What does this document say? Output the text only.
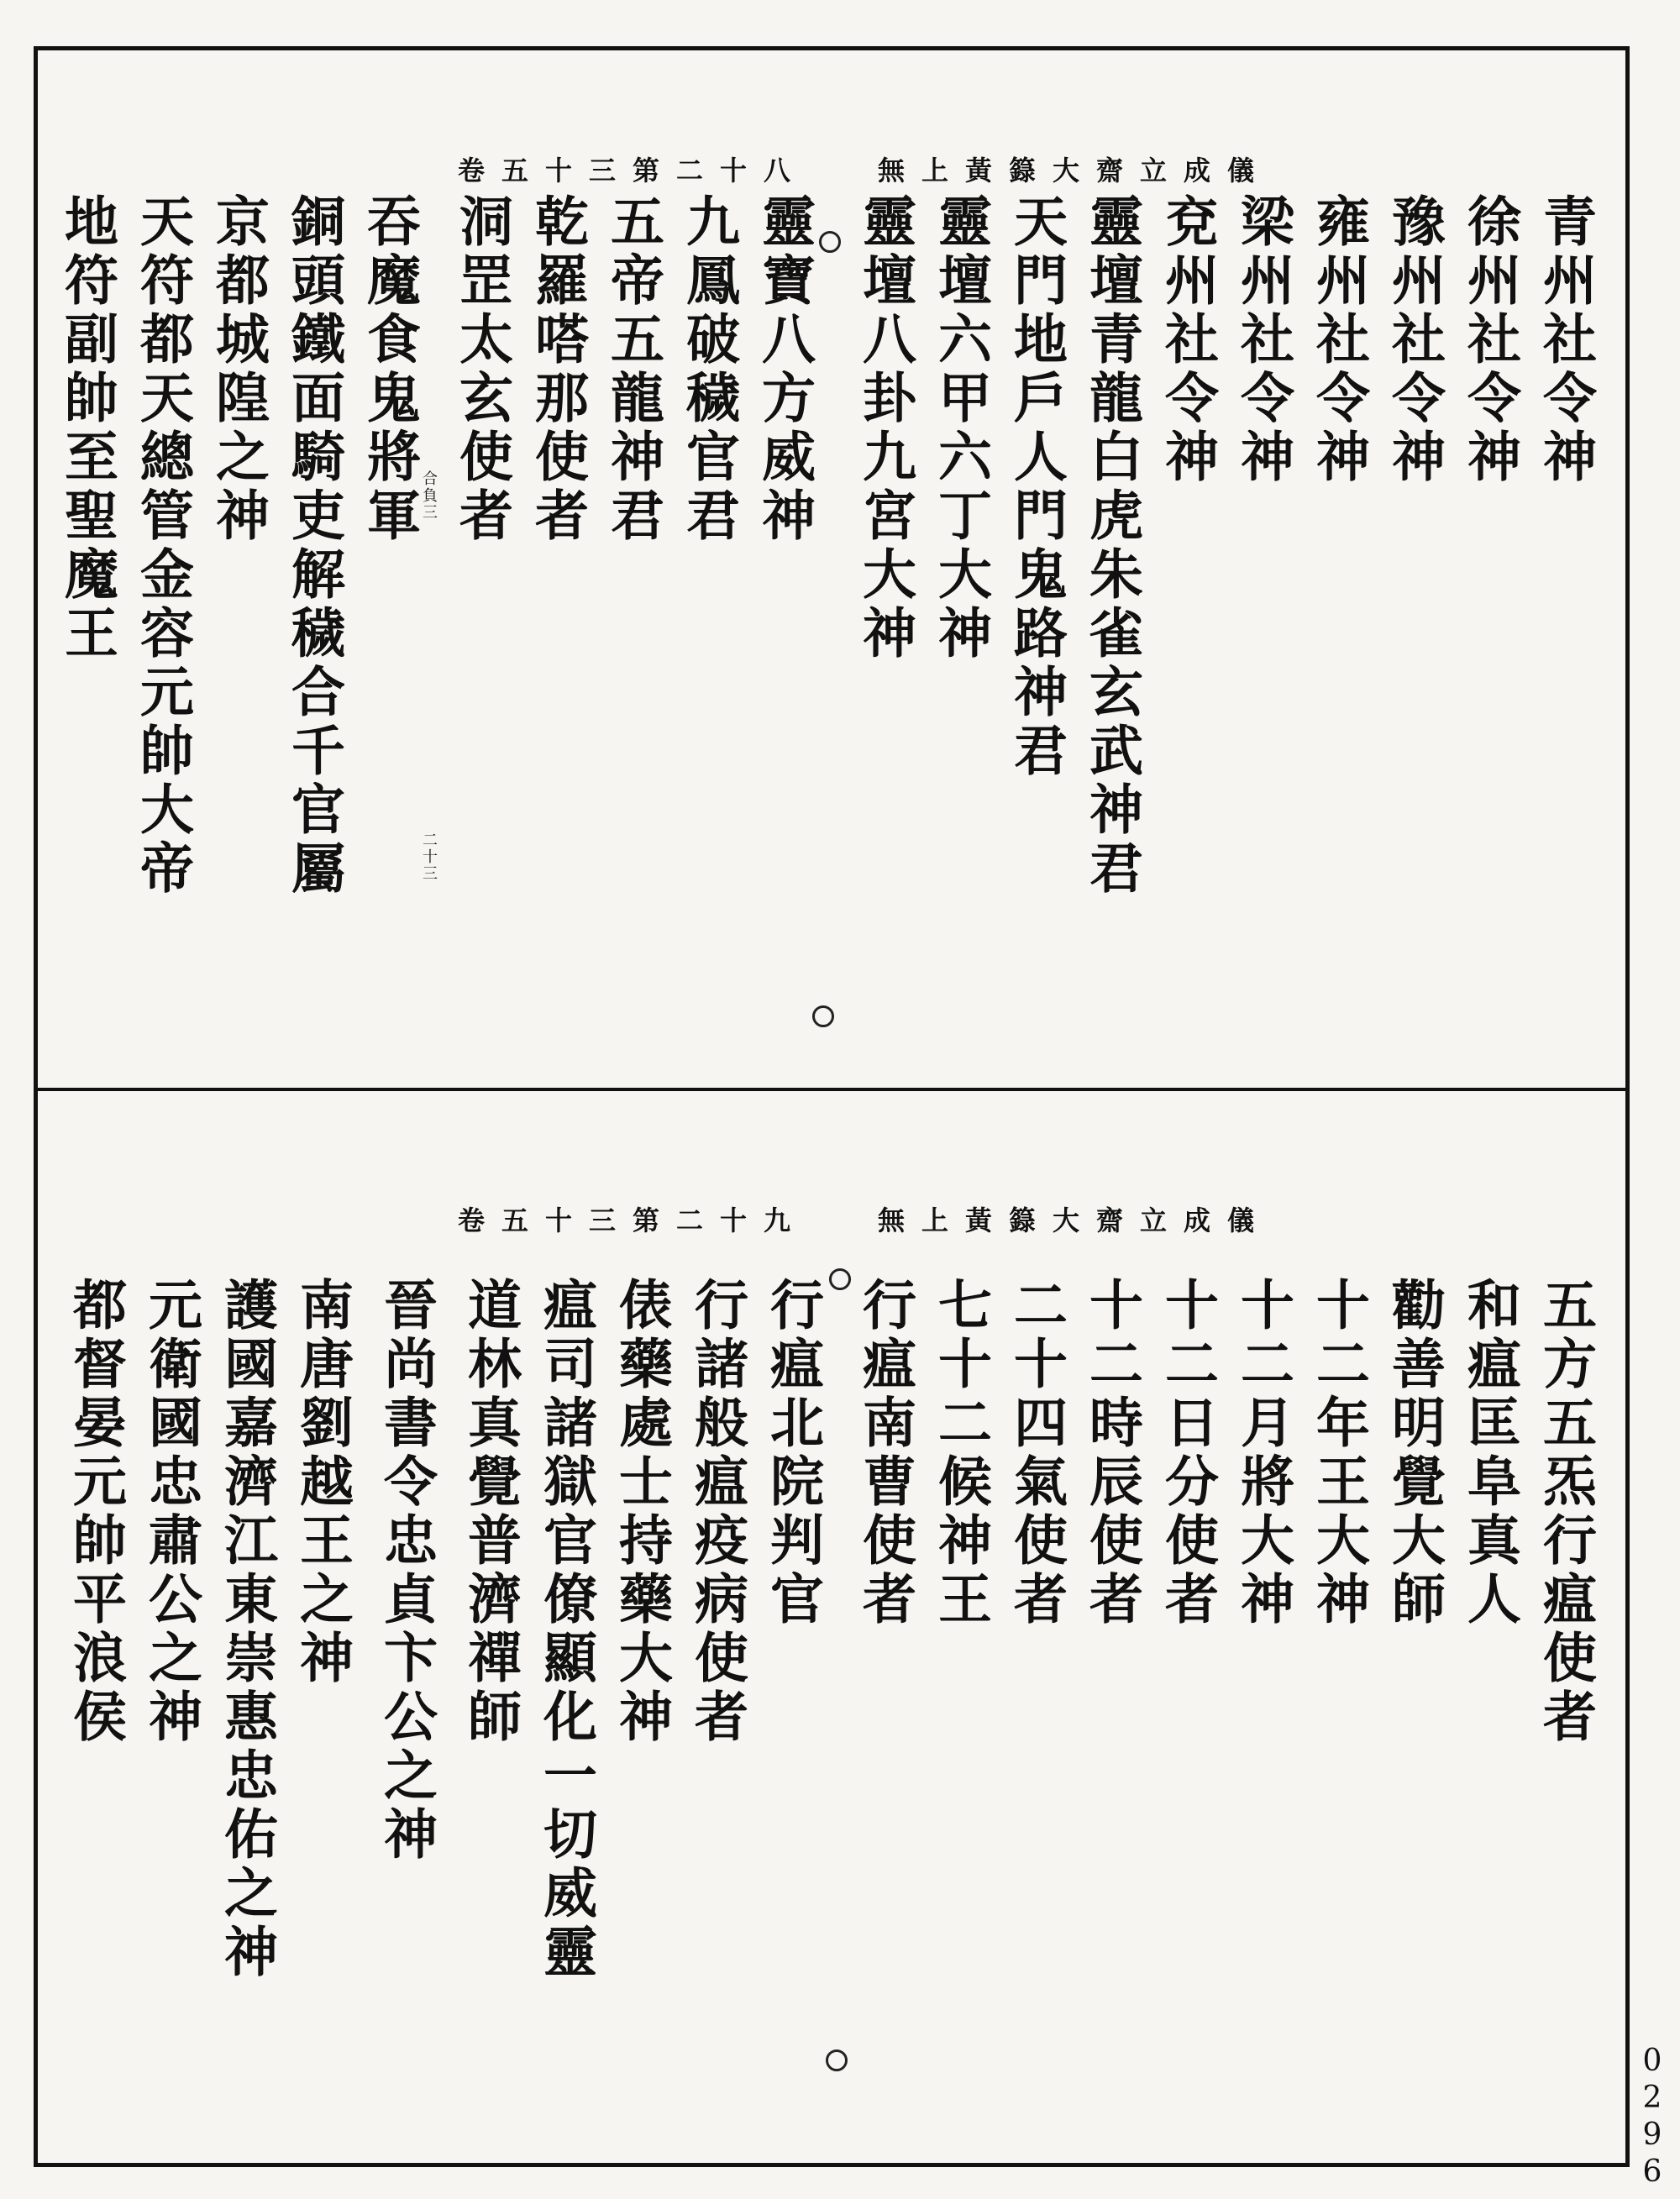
無上黃籙大齋立成儀
卷五十三第二十八
青州社令神
徐州社令神
豫州社令神
雍州社令神
梁州社令神
兗州社令神
靈壇青龍白虎朱雀玄武神君
天門地戶人門鬼路神君
靈壇六甲六丁大神
靈壇八卦九宮大神
靈寶八方威神
九鳳破穢官君
五帝五龍神君
乾羅嗒那使者
洞罡太玄使者
合負三
二十三
吞魔食鬼將軍
銅頭鐵面騎吏解穢合千官屬
京都城隍之神
天符都天總管金容元帥大帝
地符副帥至聖魔王
無上黃籙大齋立成儀
卷五十三第二十九
五方五炁行瘟使者
和瘟匡阜真人
勸善明覺大師
十二年王大神
十二月將大神
十二日分使者
十二時辰使者
二十四氣使者
七十二候神王
行瘟南曹使者
行瘟北院判官
行諸般瘟疫病使者
俵藥處士持藥大神
瘟司諸獄官僚顯化一切威靈
道林真覺普濟禪師
晉尚書令忠貞卞公之神
南唐劉越王之神
護國嘉濟江東崇惠忠佑之神
元衛國忠肅公之神
都督晏元帥平浪侯
0296
